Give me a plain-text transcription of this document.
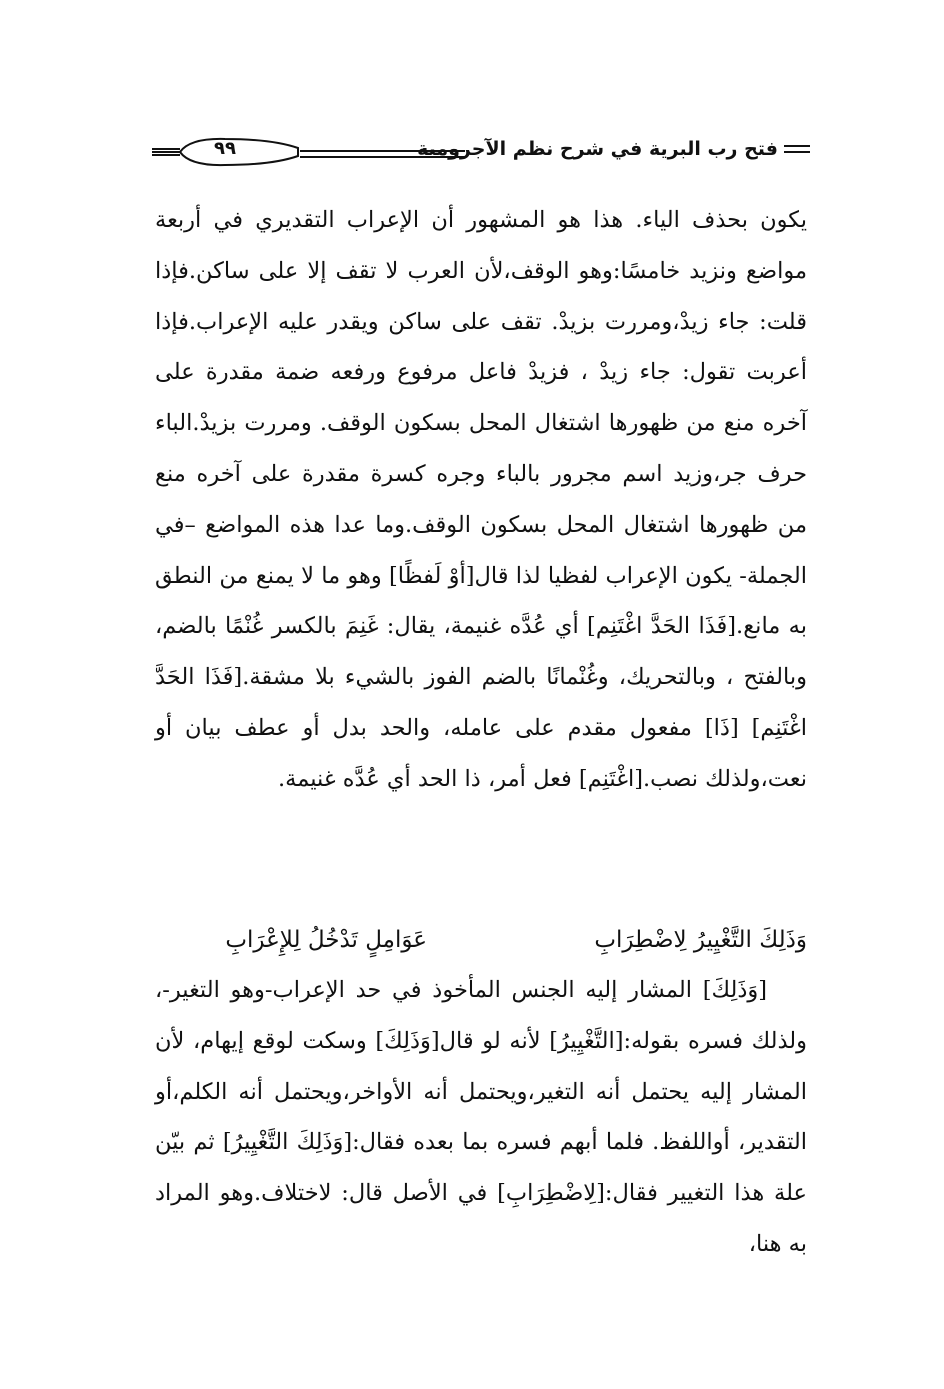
فتح رب البرية في شرح نظم الآجرومية
٩٩

يكون بحذف الياء. هذا هو المشهور أن الإعراب التقديري في أربعة مواضع ونزيد خامسًا:وهو الوقف،لأن العرب لا تقف إلا على ساكن.فإذا قلت: جاء زيدْ،ومررت بزيدْ. تقف على ساكن ويقدر عليه الإعراب.فإذا أعربت تقول: جاء زيدْ ، فزيدْ فاعل مرفوع ورفعه ضمة مقدرة على آخره منع من ظهورها اشتغال المحل بسكون الوقف. ومررت بزيدْ.الباء حرف جر،وزيد اسم مجرور بالباء وجره كسرة مقدرة على آخره منع من ظهورها اشتغال المحل بسكون الوقف.وما عدا هذه المواضع –في الجملة- يكون الإعراب لفظيا لذا قال[أوْ لَفظًا] وهو ما لا يمنع من النطق به مانع.[فَذَا الحَدَّ اغْتَنِم] أي عُدَّه غنيمة، يقال: غَنِمَ بالكسر غُنْمًا بالضم، وبالفتح ، وبالتحريك، وغُنْمانًا بالضم الفوز بالشيء بلا مشقة.[فَذَا الحَدَّ اغْتَنِم] [ذَا] مفعول مقدم على عامله، والحد بدل أو عطف بيان أو نعت،ولذلك نصب.[اغْتَنِم] فعل أمر، ذا الحد أي عُدَّه غنيمة.

وَذَلِكَ التَّغْيِيرُ لِاضْطِرَابِ
عَوَامِلٍ تَدْخُلُ لِلإِعْرَابِ

[وَذَلِكَ] المشار إليه الجنس المأخوذ في حد الإعراب-وهو التغير-، ولذلك فسره بقوله:[التَّغْيِيرُ] لأنه لو قال[وَذَلِكَ] وسكت لوقع إيهام، لأن المشار إليه يحتمل أنه التغير،ويحتمل أنه الأواخر،ويحتمل أنه الكلم،أو التقدير، أواللفظ. فلما أبهم فسره بما بعده فقال:[وَذَلِكَ التَّغْيِيرُ] ثم بيّن علة هذا التغيير فقال:[لِاضْطِرَابِ] في الأصل قال: لاختلاف.وهو المراد به هنا،
